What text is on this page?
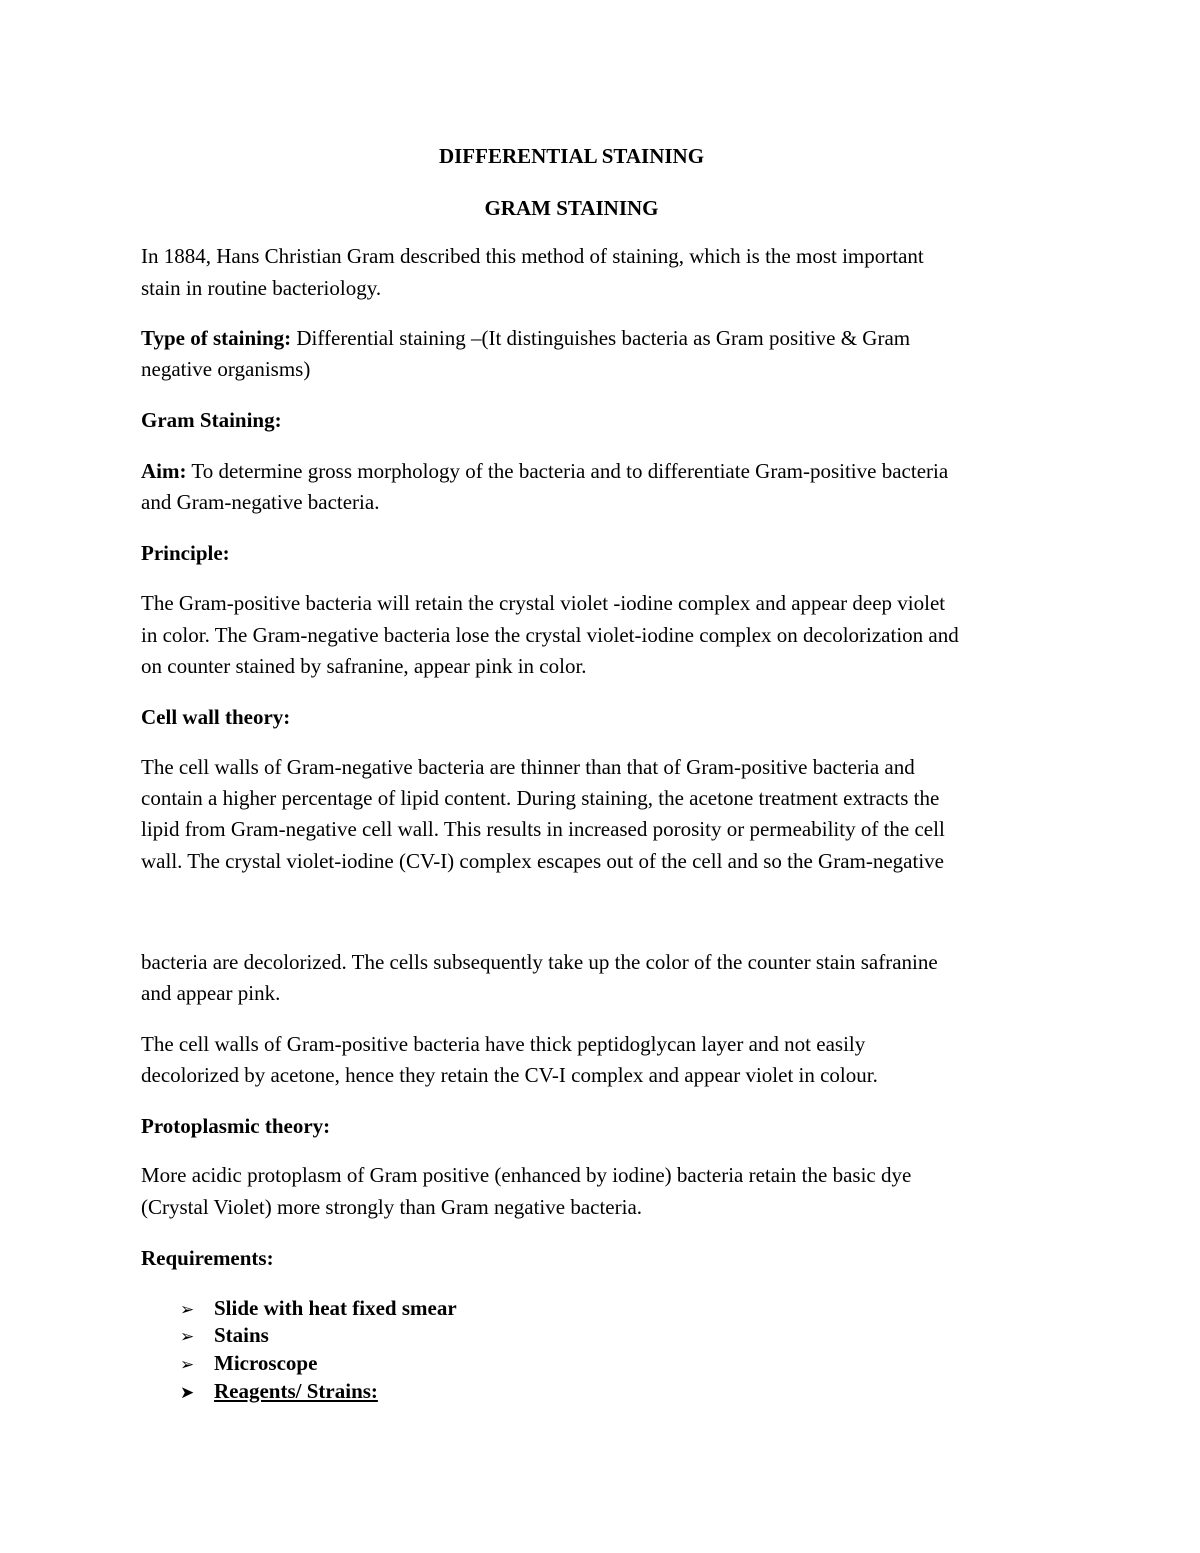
DIFFERENTIAL STAINING

GRAM STAINING

In 1884, Hans Christian Gram described this method of staining, which is the most important

stain in routine bacteriology.

Type of staining: Differential staining –(It distinguishes bacteria as Gram positive & Gram

negative organisms)

Gram Staining:

Aim: To determine gross morphology of the bacteria and to differentiate Gram-positive bacteria

and Gram-negative bacteria.

Principle:

The Gram-positive bacteria will retain the crystal violet -iodine complex and appear deep violet

in color. The Gram-negative bacteria lose the crystal violet-iodine complex on decolorization and

on counter stained by safranine, appear pink in color.

Cell wall theory:

The cell walls of Gram-negative bacteria are thinner than that of Gram-positive bacteria and

contain a higher percentage of lipid content. During staining, the acetone treatment extracts the

lipid from Gram-negative cell wall. This results in increased porosity or permeability of the cell

wall. The crystal violet-iodine (CV-I) complex escapes out of the cell and so the Gram-negative

bacteria are decolorized. The cells subsequently take up the color of the counter stain safranine

and appear pink.

The cell walls of Gram-positive bacteria have thick peptidoglycan layer and not easily

decolorized by acetone, hence they retain the CV-I complex and appear violet in colour.

Protoplasmic theory:

More acidic protoplasm of Gram positive (enhanced by iodine) bacteria retain the basic dye

(Crystal Violet) more strongly than Gram negative bacteria.

Requirements:

➢ Slide with heat fixed smear
➢ Stains
➢ Microscope
➤ Reagents/ Strains:
